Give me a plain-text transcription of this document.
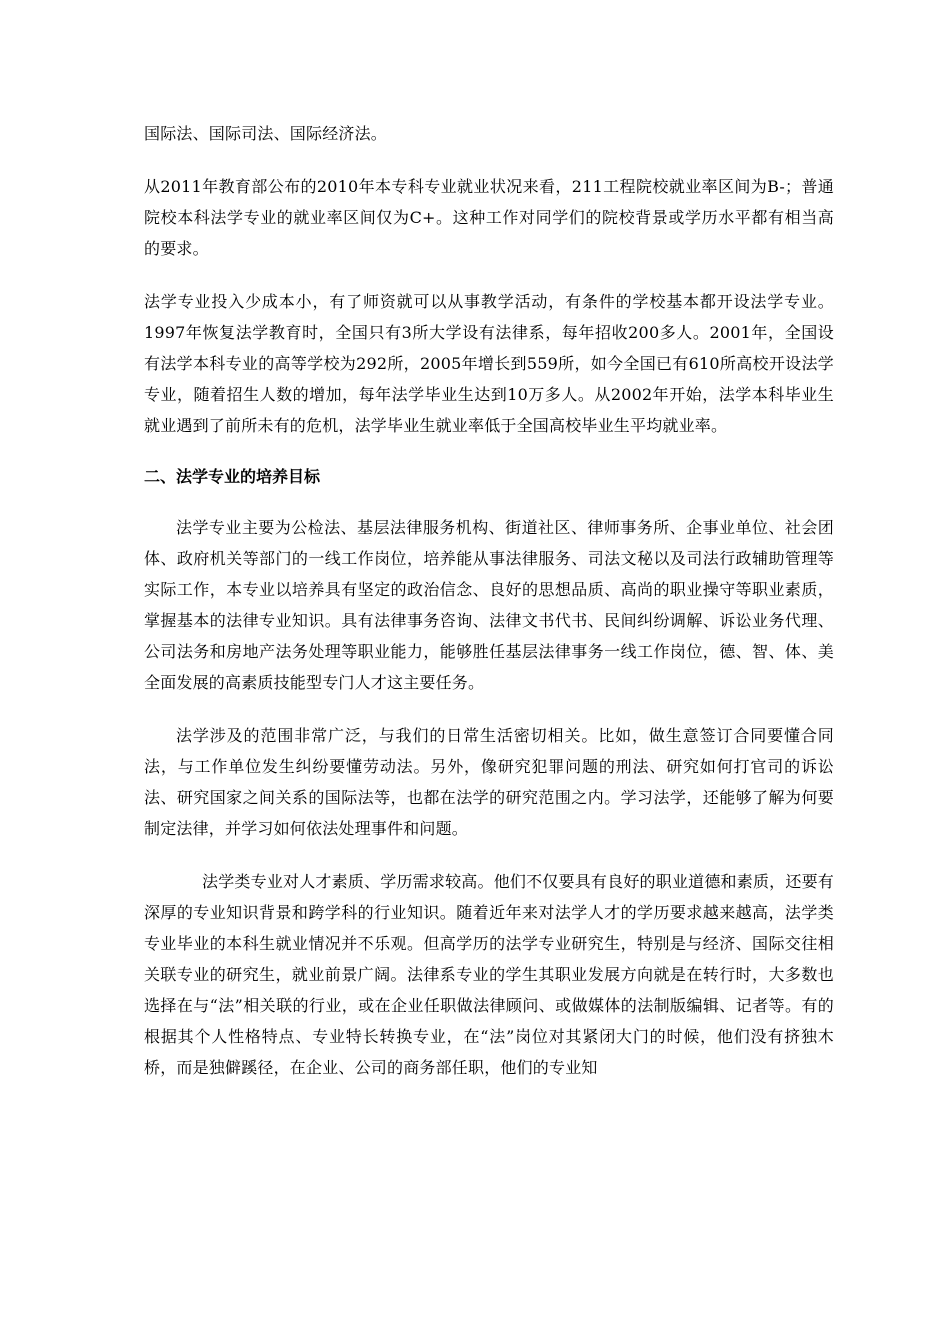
国际法、国际司法、国际经济法。

从2011年教育部公布的2010年本专科专业就业状况来看，211工程院校就业率区间为B-；普通院校本科法学专业的就业率区间仅为C+。这种工作对同学们的院校背景或学历水平都有相当高的要求。

法学专业投入少成本小，有了师资就可以从事教学活动，有条件的学校基本都开设法学专业。1997年恢复法学教育时，全国只有3所大学设有法律系，每年招收200多人。2001年，全国设有法学本科专业的高等学校为292所，2005年增长到559所，如今全国已有610所高校开设法学专业，随着招生人数的增加，每年法学毕业生达到10万多人。从2002年开始，法学本科毕业生就业遇到了前所未有的危机，法学毕业生就业率低于全国高校毕业生平均就业率。

二、法学专业的培养目标

法学专业主要为公检法、基层法律服务机构、街道社区、律师事务所、企事业单位、社会团体、政府机关等部门的一线工作岗位，培养能从事法律服务、司法文秘以及司法行政辅助管理等实际工作，本专业以培养具有坚定的政治信念、良好的思想品质、高尚的职业操守等职业素质，掌握基本的法律专业知识。具有法律事务咨询、法律文书代书、民间纠纷调解、诉讼业务代理、公司法务和房地产法务处理等职业能力，能够胜任基层法律事务一线工作岗位，德、智、体、美全面发展的高素质技能型专门人才这主要任务。

法学涉及的范围非常广泛，与我们的日常生活密切相关。比如，做生意签订合同要懂合同法，与工作单位发生纠纷要懂劳动法。另外，像研究犯罪问题的刑法、研究如何打官司的诉讼法、研究国家之间关系的国际法等，也都在法学的研究范围之内。学习法学，还能够了解为何要制定法律，并学习如何依法处理事件和问题。

法学类专业对人才素质、学历需求较高。他们不仅要具有良好的职业道德和素质，还要有深厚的专业知识背景和跨学科的行业知识。随着近年来对法学人才的学历要求越来越高，法学类专业毕业的本科生就业情况并不乐观。但高学历的法学专业研究生，特别是与经济、国际交往相关联专业的研究生，就业前景广阔。法律系专业的学生其职业发展方向就是在转行时，大多数也选择在与“法”相关联的行业，或在企业任职做法律顾问、或做媒体的法制版编辑、记者等。有的根据其个人性格特点、专业特长转换专业，在“法”岗位对其紧闭大门的时候，他们没有挤独木桥，而是独僻蹊径，在企业、公司的商务部任职，他们的专业知
